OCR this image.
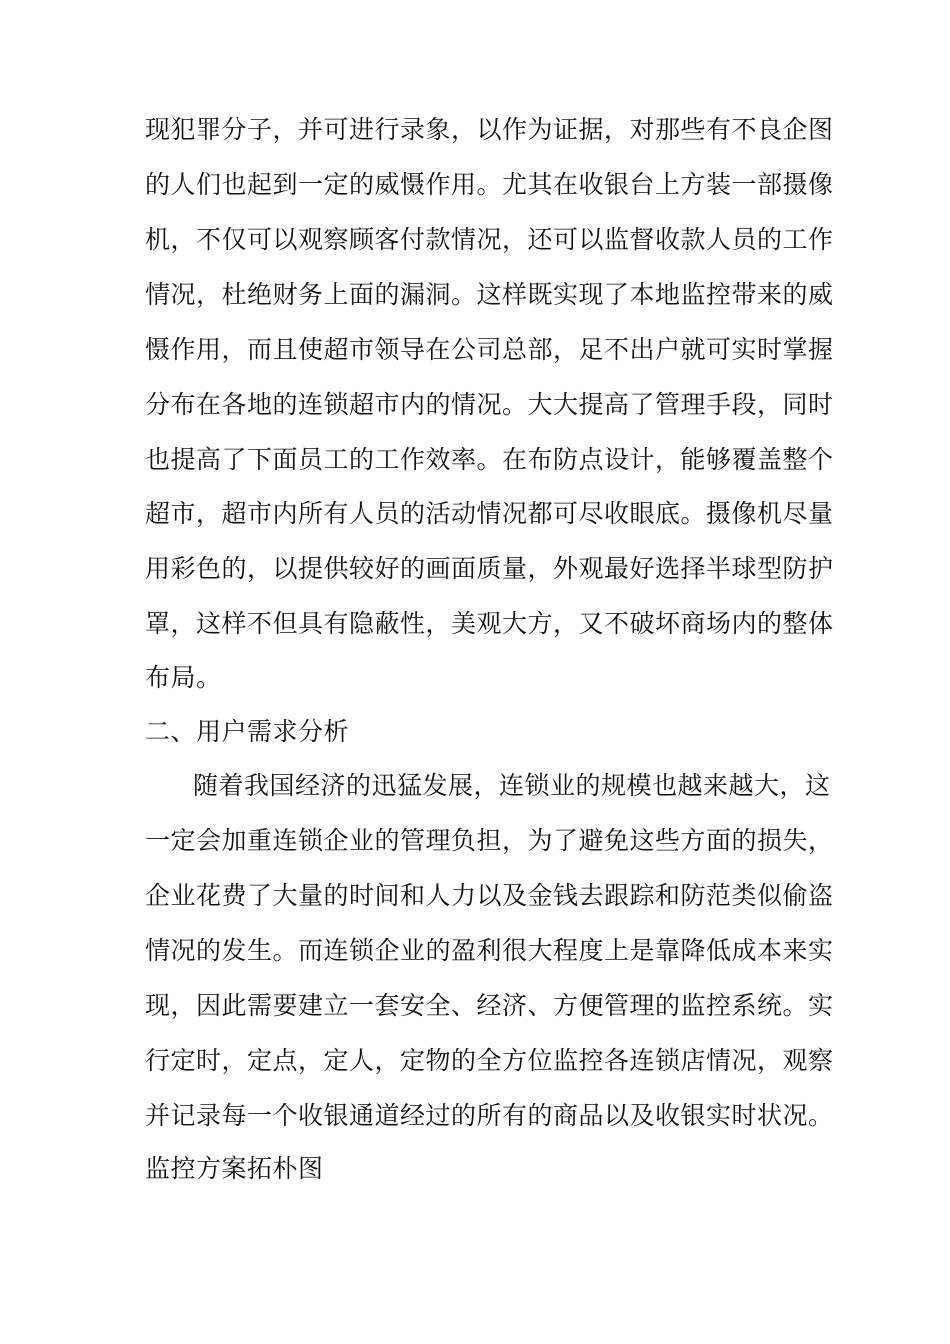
现犯罪分子，并可进行录象，以作为证据，对那些有不良企图
的人们也起到一定的威慑作用。尤其在收银台上方装一部摄像
机，不仅可以观察顾客付款情况，还可以监督收款人员的工作
情况，杜绝财务上面的漏洞。这样既实现了本地监控带来的威
慑作用，而且使超市领导在公司总部，足不出户就可实时掌握
分布在各地的连锁超市内的情况。大大提高了管理手段，同时
也提高了下面员工的工作效率。在布防点设计，能够覆盖整个
超市，超市内所有人员的活动情况都可尽收眼底。摄像机尽量
用彩色的，以提供较好的画面质量，外观最好选择半球型防护
罩，这样不但具有隐蔽性，美观大方，又不破坏商场内的整体
布局。
二、用户需求分析
随着我国经济的迅猛发展，连锁业的规模也越来越大，这
一定会加重连锁企业的管理负担，为了避免这些方面的损失，
企业花费了大量的时间和人力以及金钱去跟踪和防范类似偷盗
情况的发生。而连锁企业的盈利很大程度上是靠降低成本来实
现，因此需要建立一套安全、经济、方便管理的监控系统。实
行定时，定点，定人，定物的全方位监控各连锁店情况，观察
并记录每一个收银通道经过的所有的商品以及收银实时状况。
监控方案拓朴图
